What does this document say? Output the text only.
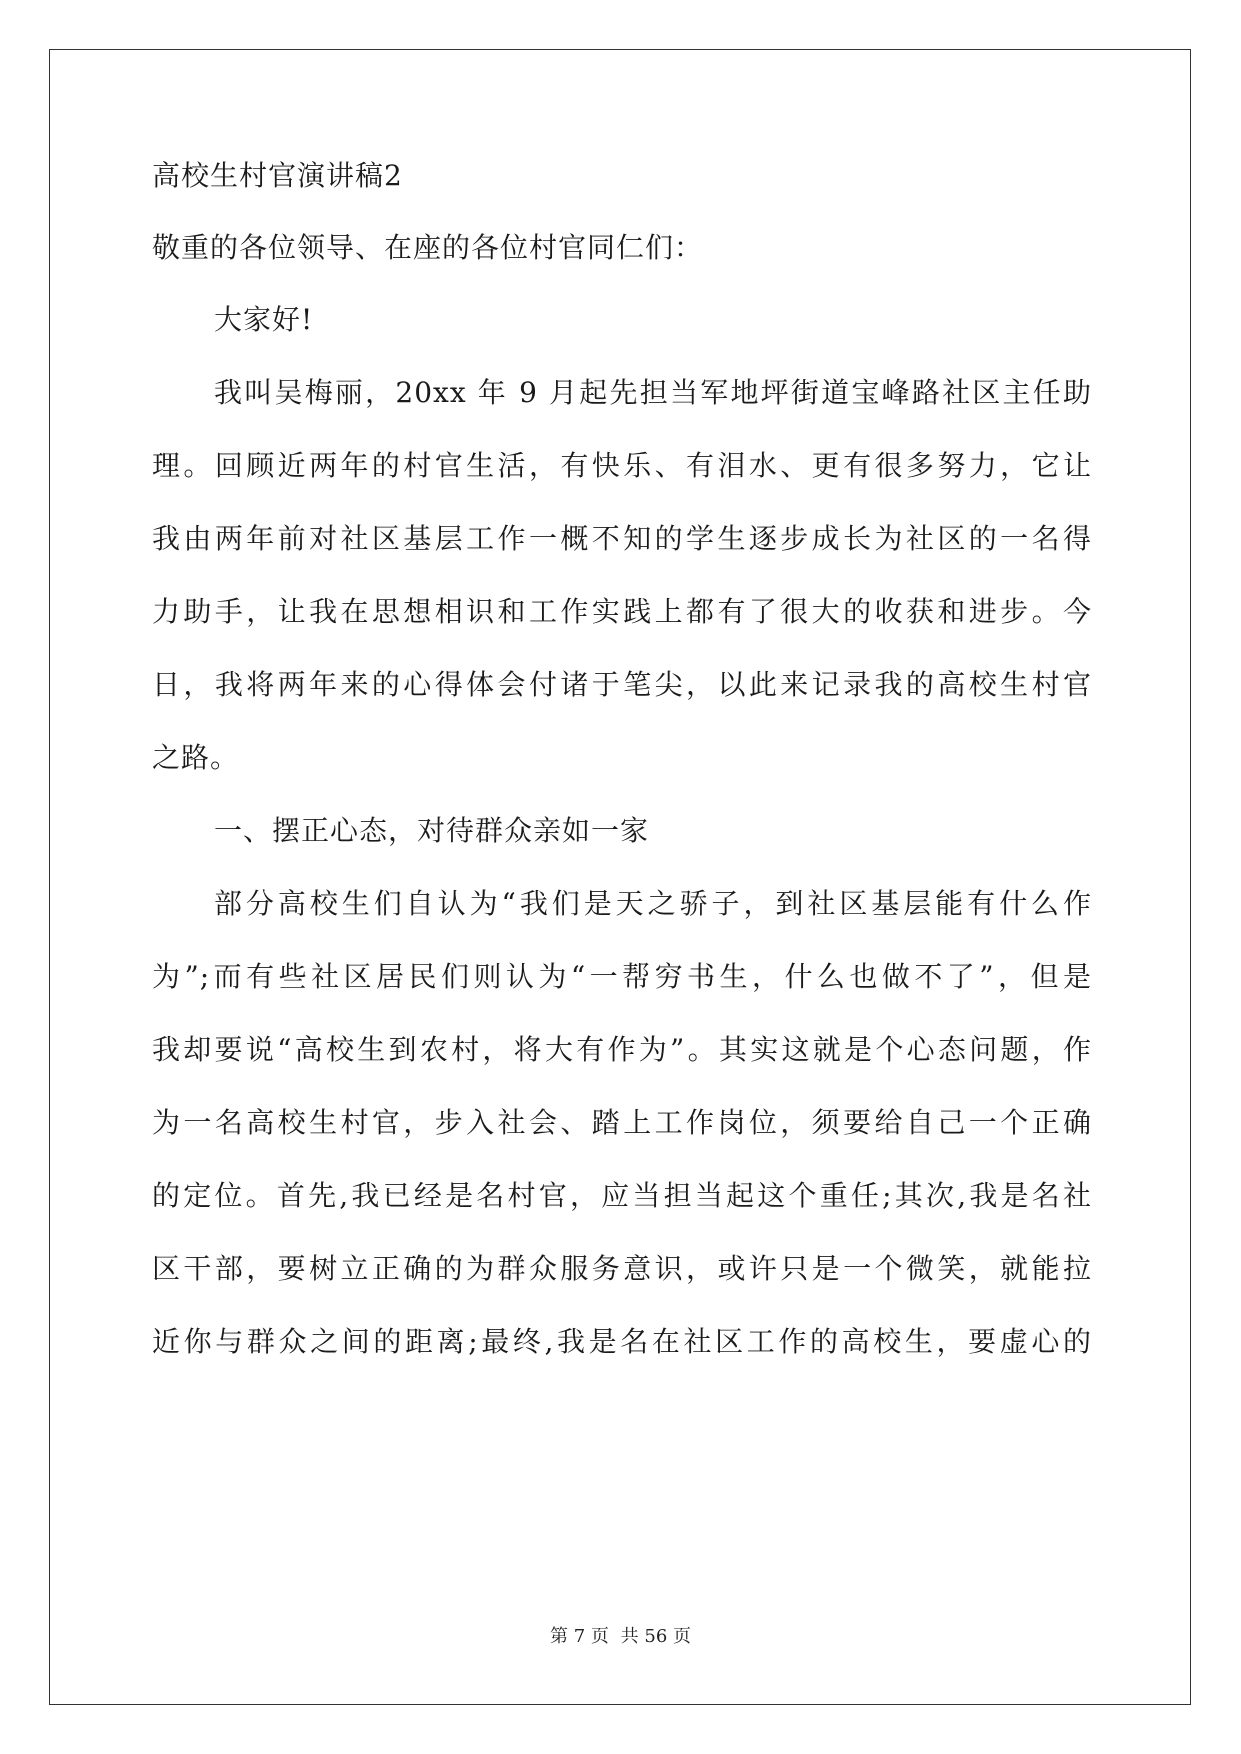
高校生村官演讲稿2
敬重的各位领导、在座的各位村官同仁们：
大家好!
我叫吴梅丽，20xx 年 9 月起先担当军地坪街道宝峰路社区主任助
理。回顾近两年的村官生活，有快乐、有泪水、更有很多努力，它让
我由两年前对社区基层工作一概不知的学生逐步成长为社区的一名得
力助手，让我在思想相识和工作实践上都有了很大的收获和进步。今
日，我将两年来的心得体会付诸于笔尖，以此来记录我的高校生村官
之路。
一、摆正心态，对待群众亲如一家
部分高校生们自认为“我们是天之骄子，到社区基层能有什么作
为”;而有些社区居民们则认为“一帮穷书生，什么也做不了”，但是
我却要说“高校生到农村，将大有作为”。其实这就是个心态问题，作
为一名高校生村官，步入社会、踏上工作岗位，须要给自己一个正确
的定位。首先,我已经是名村官，应当担当起这个重任;其次,我是名社
区干部，要树立正确的为群众服务意识，或许只是一个微笑，就能拉
近你与群众之间的距离;最终,我是名在社区工作的高校生，要虚心的
第 7 页 共 56 页
